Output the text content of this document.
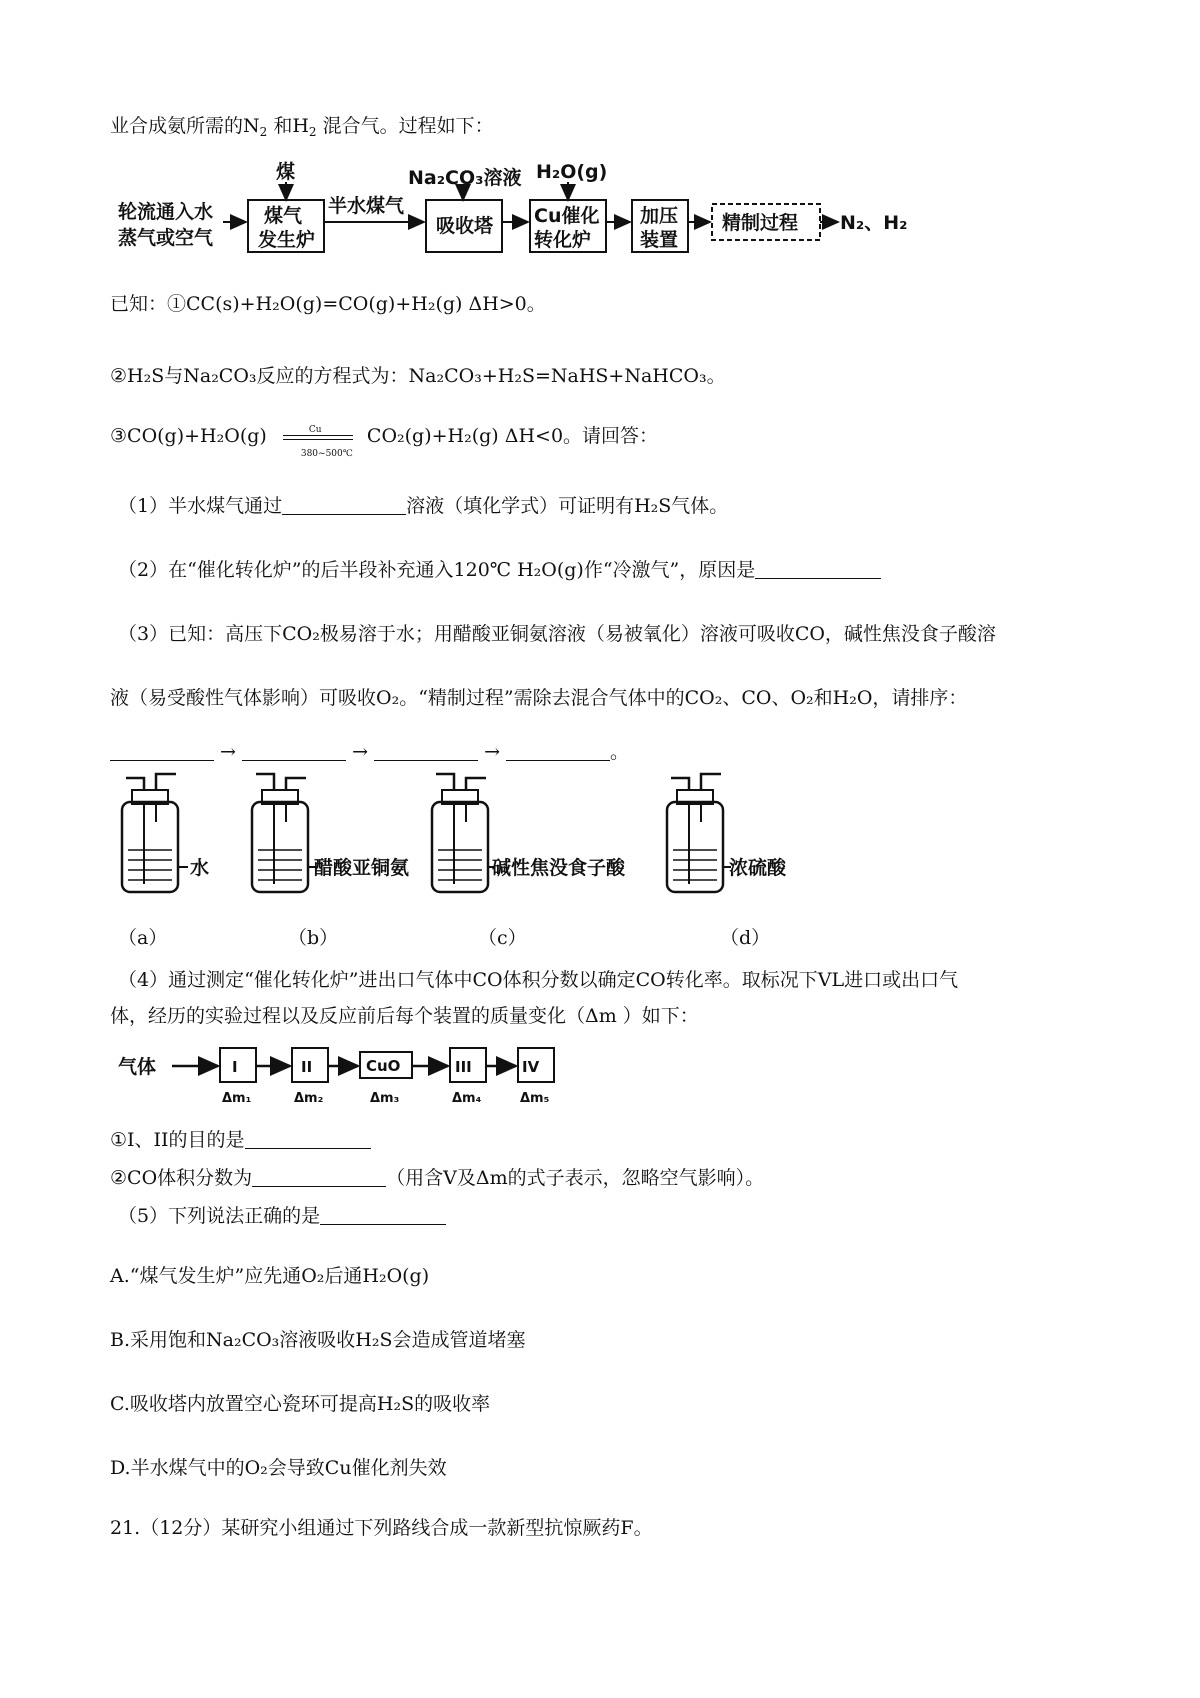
业合成氨所需的$N_2$ 和$H_2$ 混合气。过程如下：
轮流通入水
蒸气或空气
煤
煤气
发生炉
半水煤气
Na₂CO₃溶液
吸收塔
H₂O(g)
Cu催化
转化炉
加压
装置
精制过程 N₂、H₂
已知：①CC(s)+H₂O(g)=CO(g)+H₂(g) ΔH>0。
②H₂S与Na₂CO₃反应的方程式为：Na₂CO₃+H₂S=NaHS+NaHCO₃。
③CO(g)+H₂O(g) $\frac{Cu}{380\sim 500℃} CO_2(g)+H_2(g)$ ΔH<0。请回答：
（1）半水煤气通过	溶液（填化学式）可证明有H₂S气体。
（2）在“催化转化炉”的后半段补充通入120℃ H₂O(g)作“冷激气”，原因是
（3）已知：高压下CO₂极易溶于水；用醋酸亚铜氨溶液（易被氧化）溶液可吸收CO，碱性焦没食子酸溶
液（易受酸性气体影响）可吸收O₂。“精制过程”需除去混合气体中的CO₂、CO、O₂和H₂O，请排序：
→	→	→	。
水	醋酸亚铜氨	碱性焦没食子酸	浓硫酸
（a）	（b）	（c）	（d）
（4）通过测定“催化转化炉”进出口气体中CO体积分数以确定CO转化率。取标况下VL进口或出口气
体，经历的实验过程以及反应前后每个装置的质量变化（Δm ）如下：
气体	I
Δm₁
II
Δm₂
CuO
Δm₃
III
Δm₄
IV
Δm₅
①I、II的目的是
②CO体积分数为	（用含V及Δm的式子表示，忽略空气影响）。
（5）下列说法正确的是
A.“煤气发生炉”应先通O₂后通H₂O(g)
B.采用饱和Na₂CO₃溶液吸收H₂S会造成管道堵塞
C.吸收塔内放置空心瓷环可提高H₂S的吸收率
D.半水煤气中的O₂会导致Cu催化剂失效
21.（12分）某研究小组通过下列路线合成一款新型抗惊厥药F。
